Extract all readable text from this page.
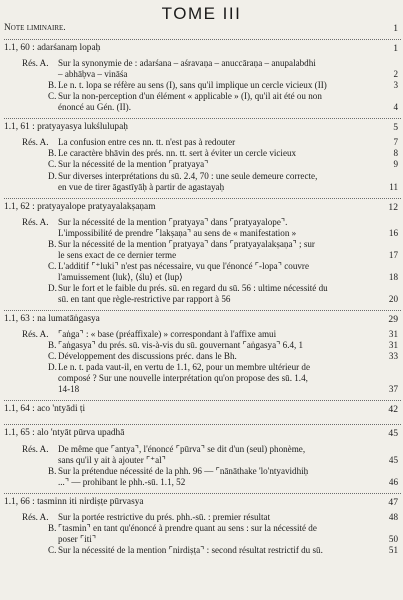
TOME III
Note liminaire.	1
1.1, 60 : adarśanaṃ lopaḥ	1
Rés. A. Sur la synonymie de : adarśana – aśravaṇa – anuccāraṇa – anupalabdhi
– abhāḅva – vināśa	2
B. Le n. t. lopa se réfère au sens (I), sans qu'il implique un cercle vicieux (II)	3
C. Sur la non-perception d'un élément « applicable » (I), qu'il ait été ou non
énoncé au Gén. (II).	4
1.1, 61 : pratyayasya lukślulupaḥ	5
Rés. A. La confusion entre ces nn. tt. n'est pas à redouter	7
B. Le caractère bhāvin des prés. nn. tt. sert à éviter un cercle vicieux	8
C. Sur la nécessité de la mention ⌜pratyaya⌝	9
D. Sur diverses interprétations du sū. 2.4, 70 : une seule demeure correcte,
en vue de tirer āgastīyāḥ à partir de agastayaḥ	11
1.1, 62 : pratyayalope pratyayalakṣaṇam	12
Rés. A. Sur la nécessité de la mention ⌜pratyaya⌝ dans ⌜pratyayalope⌝.
L'impossibilité de prendre ⌜lakṣaṇa⌝ au sens de « manifestation »	16
B. Sur la nécessité de la mention ⌜pratyaya⌝ dans ⌜pratyayalakṣaṇa⌝ ; sur
le sens exact de ce dernier terme	17
C. L'additif ⌜⁺luki⌝ n'est pas nécessaire, vu que l'énoncé ⌜-lopa⌝ couvre
l'amuissement ⟨luk⟩, ⟨ślu⟩ et ⟨lup⟩	18
D. Sur le fort et le faible du prés. sū. en regard du sū. 56 : ultime nécessité du
sū. en tant que règle-restrictive par rapport à 56	20
1.1, 63 : na lumatāṅgasya	29
Rés. A. ⌜aṅga⌝ : « base (préaffixale) » correspondant à l'affixe amui	31
B. ⌜aṅgasya⌝ du prés. sū. vis-à-vis du sū. gouvernant ⌜aṅgasya⌝ 6.4, 1	31
C. Développement des discussions préc. dans le Bh.	33
D. Le n. t. pada vaut-il, en vertu de 1.1, 62, pour un membre ultérieur de
composé ? Sur une nouvelle interprétation qu'on propose des sū. 1.4,
14-18	37
1.1, 64 : aco 'ntyādi ṭi	42
1.1, 65 : alo 'ntyāt pūrva upadhā	45
Rés. A. De même que ⌜antya⌝, l'énoncé ⌜pūrva⌝ se dit d'un (seul) phonème,
sans qu'il y ait à ajouter ⌜⁺al⌝	45
B. Sur la prétendue nécessité de la phh. 96 — ⌜nānāthake 'lo'ntyavidhiḥ
...⌝ — prohibant le phh.-sū. 1.1, 52	46
1.1, 66 : tasminn iti nirdiṣṭe pūrvasya	47
Rés. A. Sur la portée restrictive du prés. phh.-sū. : premier résultat	48
B. ⌜tasmin⌝ en tant qu'énoncé à prendre quant au sens : sur la nécessité de
poser ⌜iti⌝	50
C. Sur la nécessité de la mention ⌜nirdiṣṭa⌝ : second résultat restrictif du sū.	51
